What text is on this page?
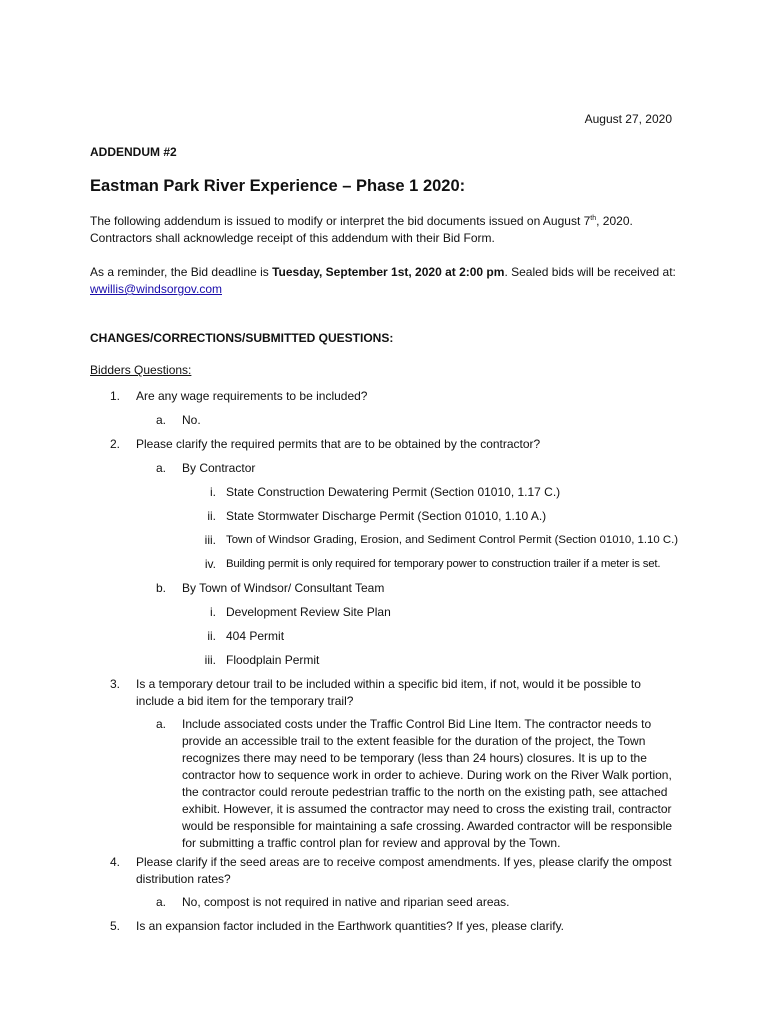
August 27, 2020
ADDENDUM #2
Eastman Park River Experience – Phase 1 2020:
The following addendum is issued to modify or interpret the bid documents issued on August 7th, 2020. Contractors shall acknowledge receipt of this addendum with their Bid Form.
As a reminder, the Bid deadline is Tuesday, September 1st, 2020 at 2:00 pm. Sealed bids will be received at:
wwillis@windsorgov.com
CHANGES/CORRECTIONS/SUBMITTED QUESTIONS:
Bidders Questions:
1. Are any wage requirements to be included?
a. No.
2. Please clarify the required permits that are to be obtained by the contractor?
a. By Contractor
i. State Construction Dewatering Permit (Section 01010, 1.17 C.)
ii. State Stormwater Discharge Permit (Section 01010, 1.10 A.)
iii. Town of Windsor Grading, Erosion, and Sediment Control Permit (Section 01010, 1.10 C.)
iv. Building permit is only required for temporary power to construction trailer if a meter is set.
b. By Town of Windsor/ Consultant Team
i. Development Review Site Plan
ii. 404 Permit
iii. Floodplain Permit
3. Is a temporary detour trail to be included within a specific bid item, if not, would it be possible to include a bid item for the temporary trail?
a. Include associated costs under the Traffic Control Bid Line Item. The contractor needs to provide an accessible trail to the extent feasible for the duration of the project, the Town recognizes there may need to be temporary (less than 24 hours) closures. It is up to the contractor how to sequence work in order to achieve. During work on the River Walk portion, the contractor could reroute pedestrian traffic to the north on the existing path, see attached exhibit. However, it is assumed the contractor may need to cross the existing trail, contractor would be responsible for maintaining a safe crossing. Awarded contractor will be responsible for submitting a traffic control plan for review and approval by the Town.
4. Please clarify if the seed areas are to receive compost amendments. If yes, please clarify the ompost distribution rates?
a. No, compost is not required in native and riparian seed areas.
5. Is an expansion factor included in the Earthwork quantities? If yes, please clarify.
